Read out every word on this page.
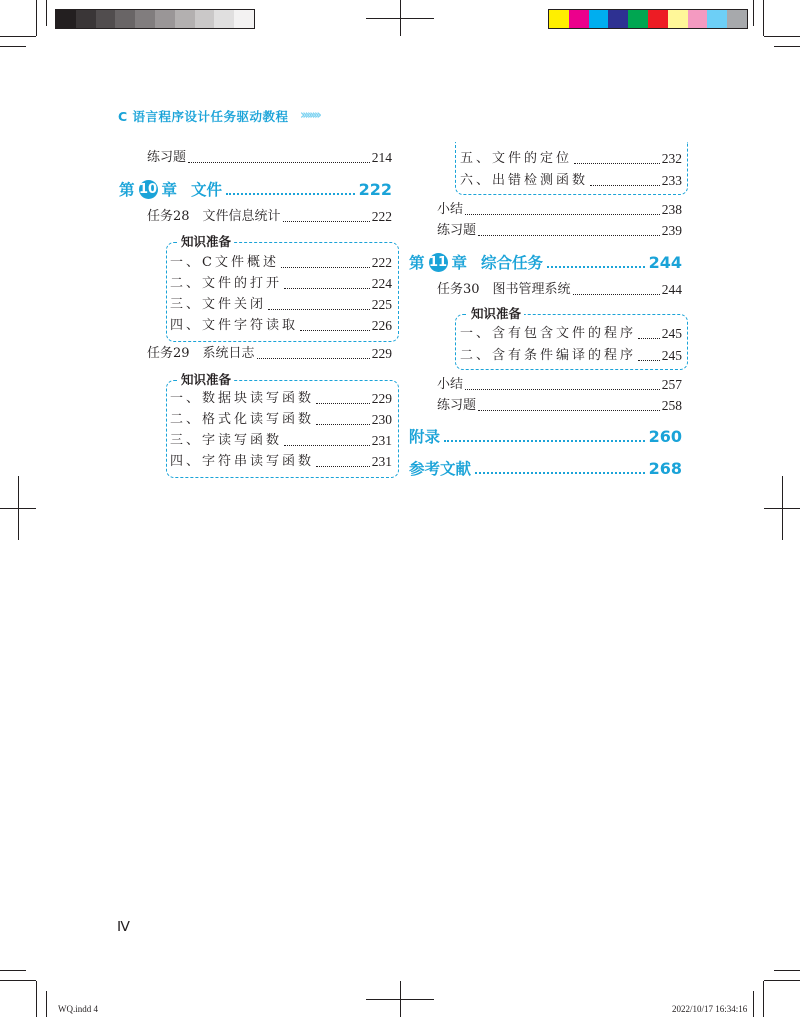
C 语言程序设计任务驱动教程 ››››››››
练习题	214
第 10 章 文件	222
任务28　文件信息统计	222
知识准备
一、C文件概述	222
二、文件的打开	224
三、文件关闭	225
四、文件字符读取	226
任务29　系统日志	229
知识准备
一、数据块读写函数	229
二、格式化读写函数	230
三、字读写函数	231
四、字符串读写函数	231
五、文件的定位	232
六、出错检测函数	233
小结	238
练习题	239
第 11 章 综合任务	244
任务30　图书管理系统	244
知识准备
一、含有包含文件的程序 245
二、含有条件编译的程序 245
小结	257
练习题	258
附录	260
参考文献	268
Ⅳ
WQ.indd 4	2022/10/17 16:34:16
